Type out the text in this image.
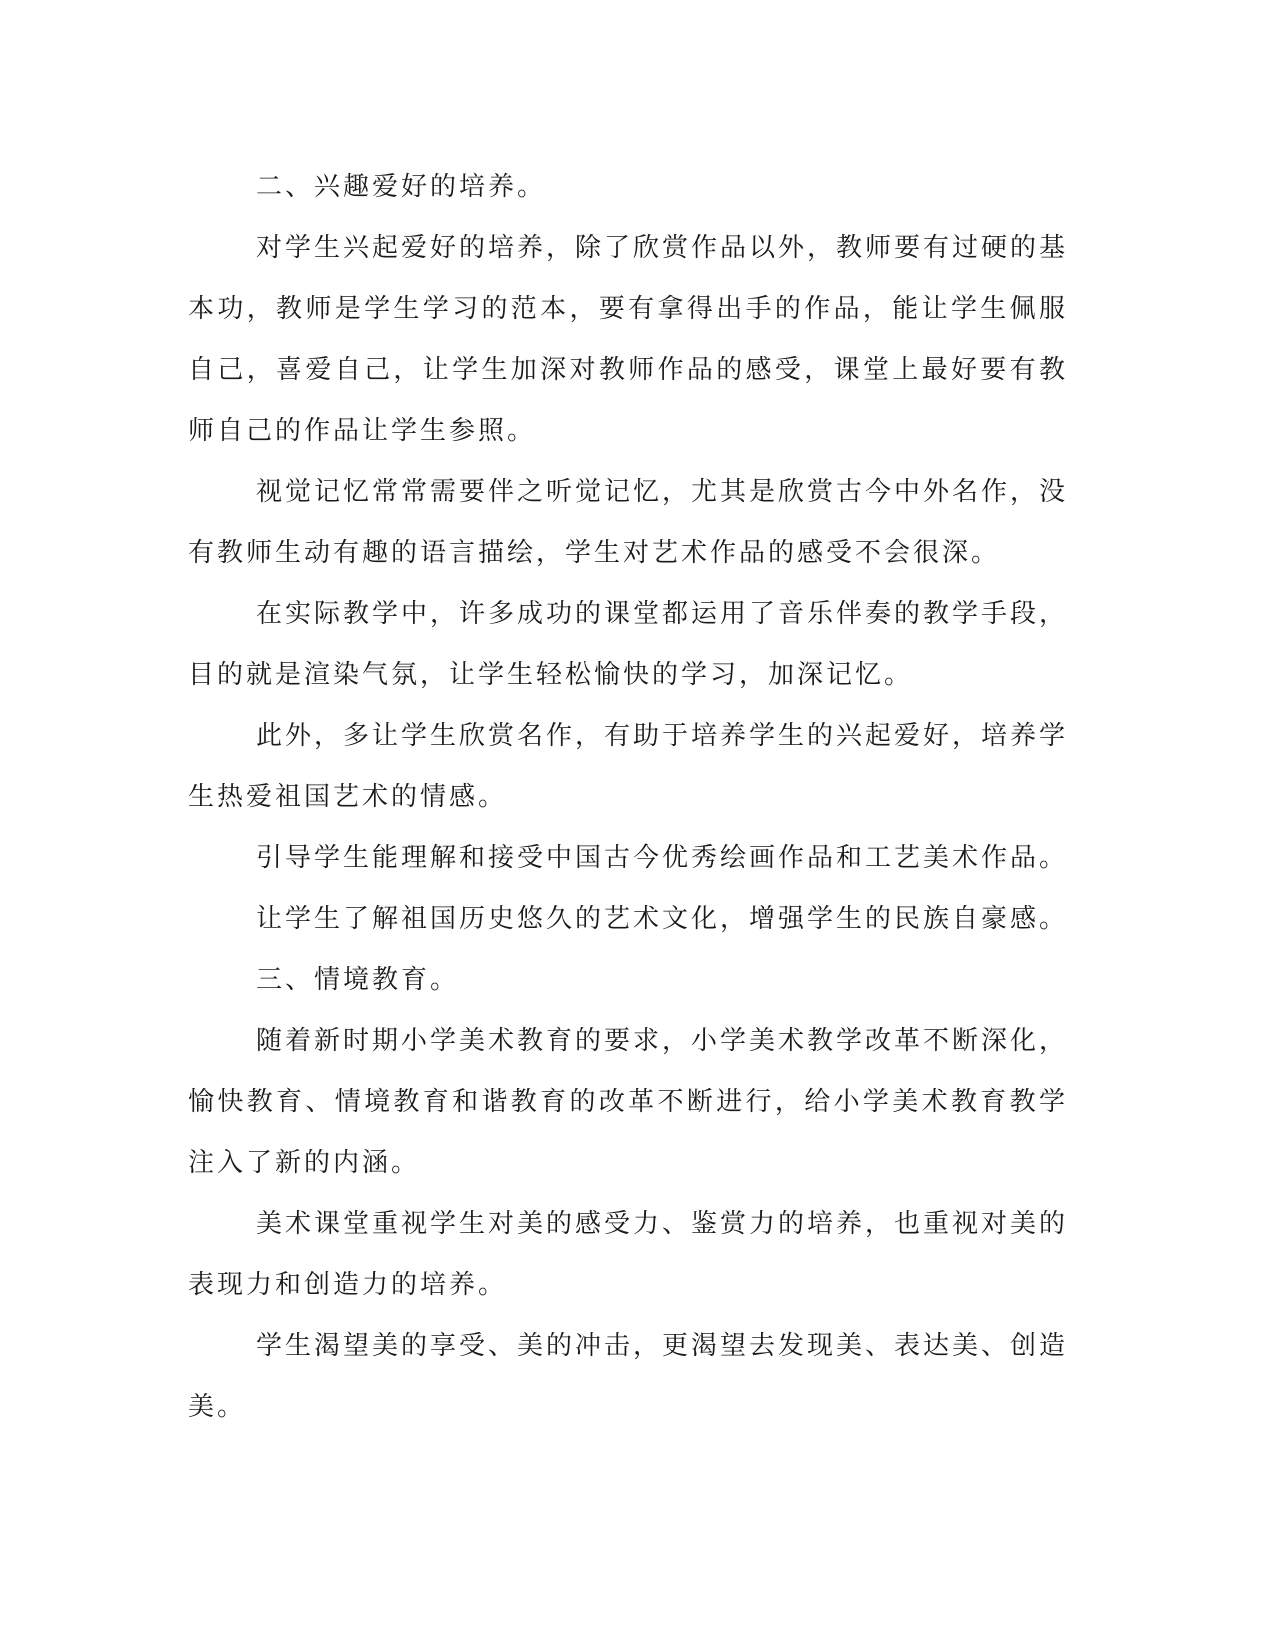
二、兴趣爱好的培养。

对学生兴起爱好的培养，除了欣赏作品以外，教师要有过硬的基本功，教师是学生学习的范本，要有拿得出手的作品，能让学生佩服自己，喜爱自己，让学生加深对教师作品的感受，课堂上最好要有教师自己的作品让学生参照。

视觉记忆常常需要伴之听觉记忆，尤其是欣赏古今中外名作，没有教师生动有趣的语言描绘，学生对艺术作品的感受不会很深。

在实际教学中，许多成功的课堂都运用了音乐伴奏的教学手段，目的就是渲染气氛，让学生轻松愉快的学习，加深记忆。

此外，多让学生欣赏名作，有助于培养学生的兴起爱好，培养学生热爱祖国艺术的情感。

引导学生能理解和接受中国古今优秀绘画作品和工艺美术作品。

让学生了解祖国历史悠久的艺术文化，增强学生的民族自豪感。

三、情境教育。

随着新时期小学美术教育的要求，小学美术教学改革不断深化，愉快教育、情境教育和谐教育的改革不断进行，给小学美术教育教学注入了新的内涵。

美术课堂重视学生对美的感受力、鉴赏力的培养，也重视对美的表现力和创造力的培养。

学生渴望美的享受、美的冲击，更渴望去发现美、表达美、创造美。
